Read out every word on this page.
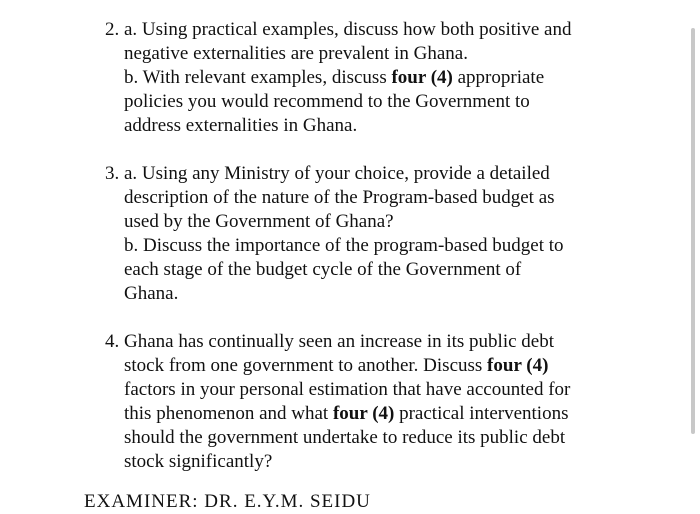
2. a. Using practical examples, discuss how both positive and
negative externalities are prevalent in Ghana.
b. With relevant examples, discuss four (4) appropriate
policies you would recommend to the Government to
address externalities in Ghana.
3. a. Using any Ministry of your choice, provide a detailed
description of the nature of the Program-based budget as
used by the Government of Ghana?
b. Discuss the importance of the program-based budget to
each stage of the budget cycle of the Government of
Ghana.
4. Ghana has continually seen an increase in its public debt
stock from one government to another. Discuss four (4)
factors in your personal estimation that have accounted for
this phenomenon and what four (4) practical interventions
should the government undertake to reduce its public debt
stock significantly?
EXAMINER: DR. E.Y.M. SEIDU
